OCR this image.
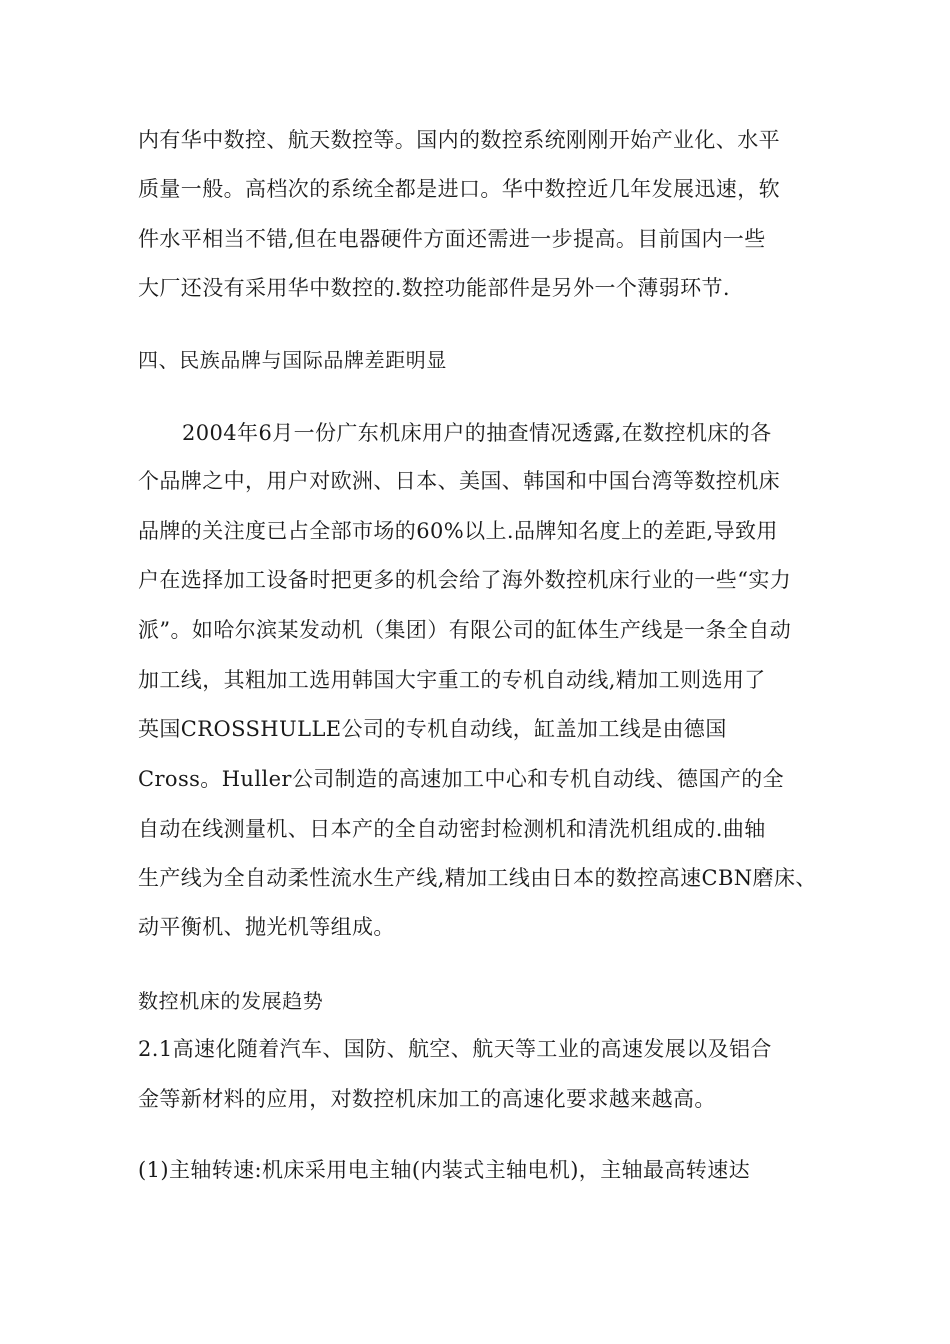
内有华中数控、航天数控等。国内的数控系统刚刚开始产业化、水平
质量一般。高档次的系统全都是进口。华中数控近几年发展迅速，软
件水平相当不错,但在电器硬件方面还需进一步提高。目前国内一些
大厂还没有采用华中数控的.数控功能部件是另外一个薄弱环节.
四、民族品牌与国际品牌差距明显
2004年6月一份广东机床用户的抽查情况透露,在数控机床的各
个品牌之中，用户对欧洲、日本、美国、韩国和中国台湾等数控机床
品牌的关注度已占全部市场的60%以上.品牌知名度上的差距,导致用
户在选择加工设备时把更多的机会给了海外数控机床行业的一些“实力
派”。如哈尔滨某发动机（集团）有限公司的缸体生产线是一条全自动
加工线，其粗加工选用韩国大宇重工的专机自动线,精加工则选用了
英国CROSSHULLE公司的专机自动线，缸盖加工线是由德国
Cross。Huller公司制造的高速加工中心和专机自动线、德国产的全
自动在线测量机、日本产的全自动密封检测机和清洗机组成的.曲轴
生产线为全自动柔性流水生产线,精加工线由日本的数控高速CBN磨床、
动平衡机、抛光机等组成。
数控机床的发展趋势
2.1高速化随着汽车、国防、航空、航天等工业的高速发展以及铝合
金等新材料的应用，对数控机床加工的高速化要求越来越高。
(1)主轴转速:机床采用电主轴(内装式主轴电机)，主轴最高转速达
